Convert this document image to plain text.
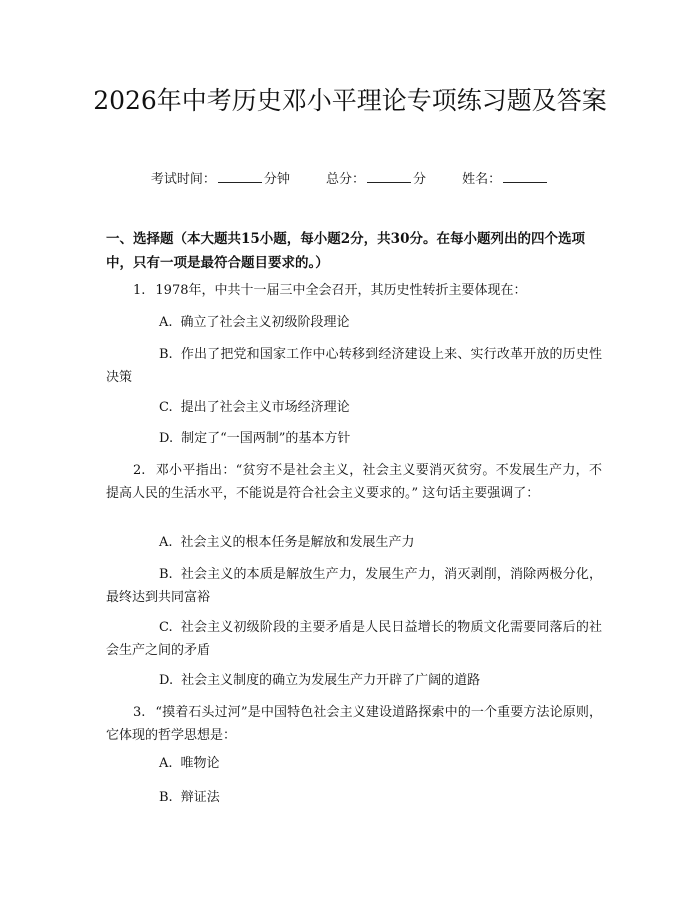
2026年中考历史邓小平理论专项练习题及答案
考试时间：	分钟	总分：	分	姓名：

一、选择题（本大题共15小题，每小题2分，共30分。在每小题列出的四个选项中，只有一项是最符合题目要求的。）

1. 1978年，中共十一届三中全会召开，其历史性转折主要体现在：

A. 确立了社会主义初级阶段理论

B. 作出了把党和国家工作中心转移到经济建设上来、实行改革开放的历史性决策

C. 提出了社会主义市场经济理论

D. 制定了“一国两制”的基本方针

2. 邓小平指出：“贫穷不是社会主义，社会主义要消灭贫穷。不发展生产力，不提高人民的生活水平，不能说是符合社会主义要求的。” 这句话主要强调了：

A. 社会主义的根本任务是解放和发展生产力

B. 社会主义的本质是解放生产力，发展生产力，消灭剥削，消除两极分化，最终达到共同富裕

C. 社会主义初级阶段的主要矛盾是人民日益增长的物质文化需要同落后的社会生产之间的矛盾

D. 社会主义制度的确立为发展生产力开辟了广阔的道路

3. “摸着石头过河”是中国特色社会主义建设道路探索中的一个重要方法论原则，它体现的哲学思想是：

A. 唯物论

B. 辩证法
